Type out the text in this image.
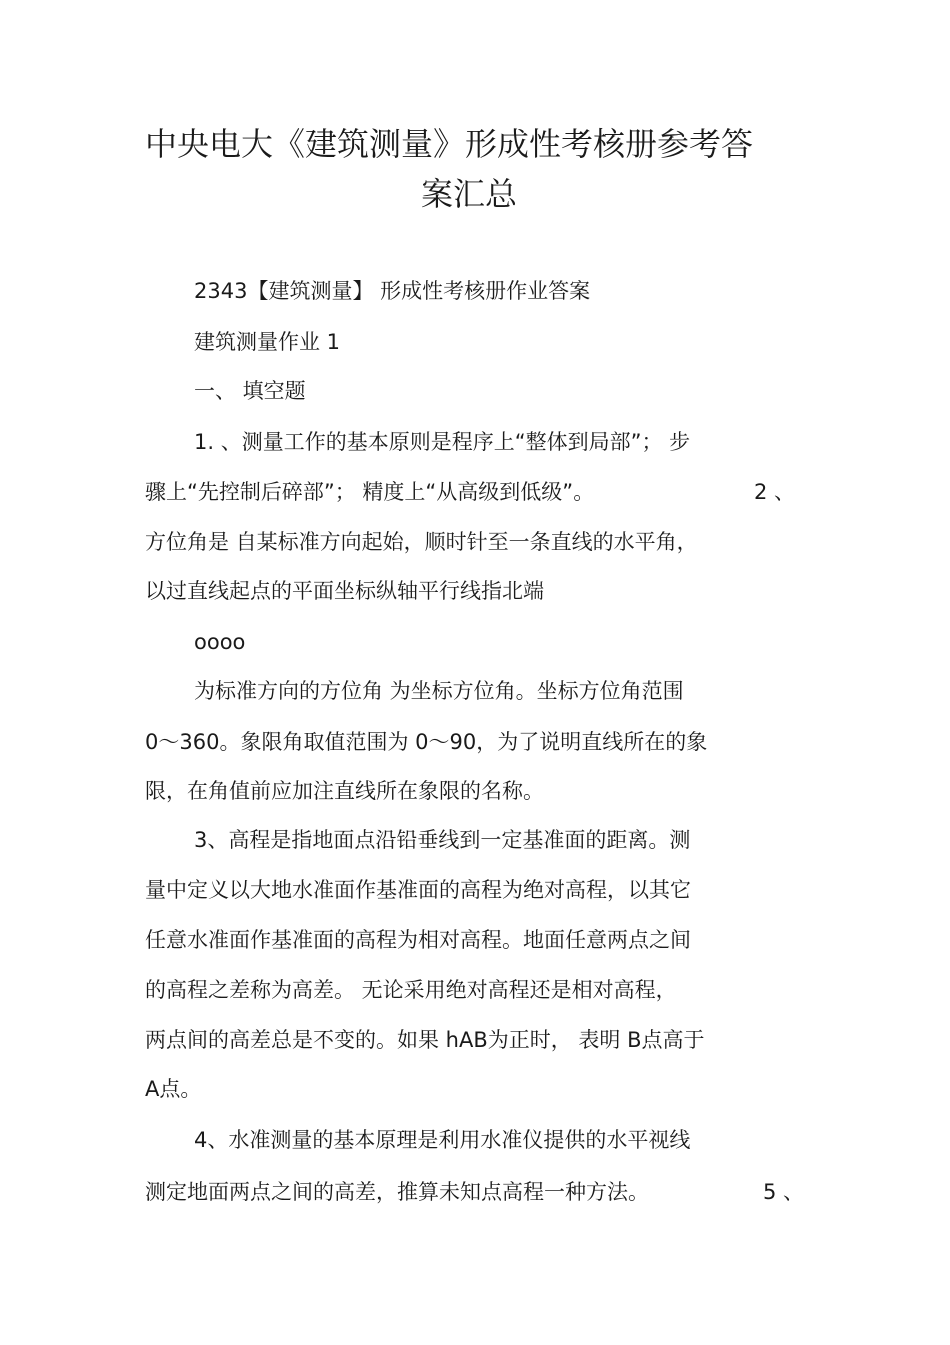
中央电大《建筑测量》形成性考核册参考答
案汇总
2343【建筑测量】 形成性考核册作业答案
建筑测量作业 1
一、 填空题
1. 、测量工作的基本原则是程序上“整体到局部”； 步
骤上“先控制后碎部”； 精度上“从高级到低级”。	2 、
方位角是 自某标准方向起始，顺时针至一条直线的水平角，
以过直线起点的平面坐标纵轴平行线指北端
oooo
为标准方向的方位角 为坐标方位角。坐标方位角范围
0～360。象限角取值范围为 0～90，为了说明直线所在的象
限，在角值前应加注直线所在象限的名称。
3、高程是指地面点沿铅垂线到一定基准面的距离。测
量中定义以大地水准面作基准面的高程为绝对高程，以其它
任意水准面作基准面的高程为相对高程。地面任意两点之间
的高程之差称为高差。 无论采用绝对高程还是相对高程，
两点间的高差总是不变的。如果 hAB为正时， 表明 B点高于
A点。
4、水准测量的基本原理是利用水准仪提供的水平视线
测定地面两点之间的高差，推算未知点高程一种方法。	5 、
